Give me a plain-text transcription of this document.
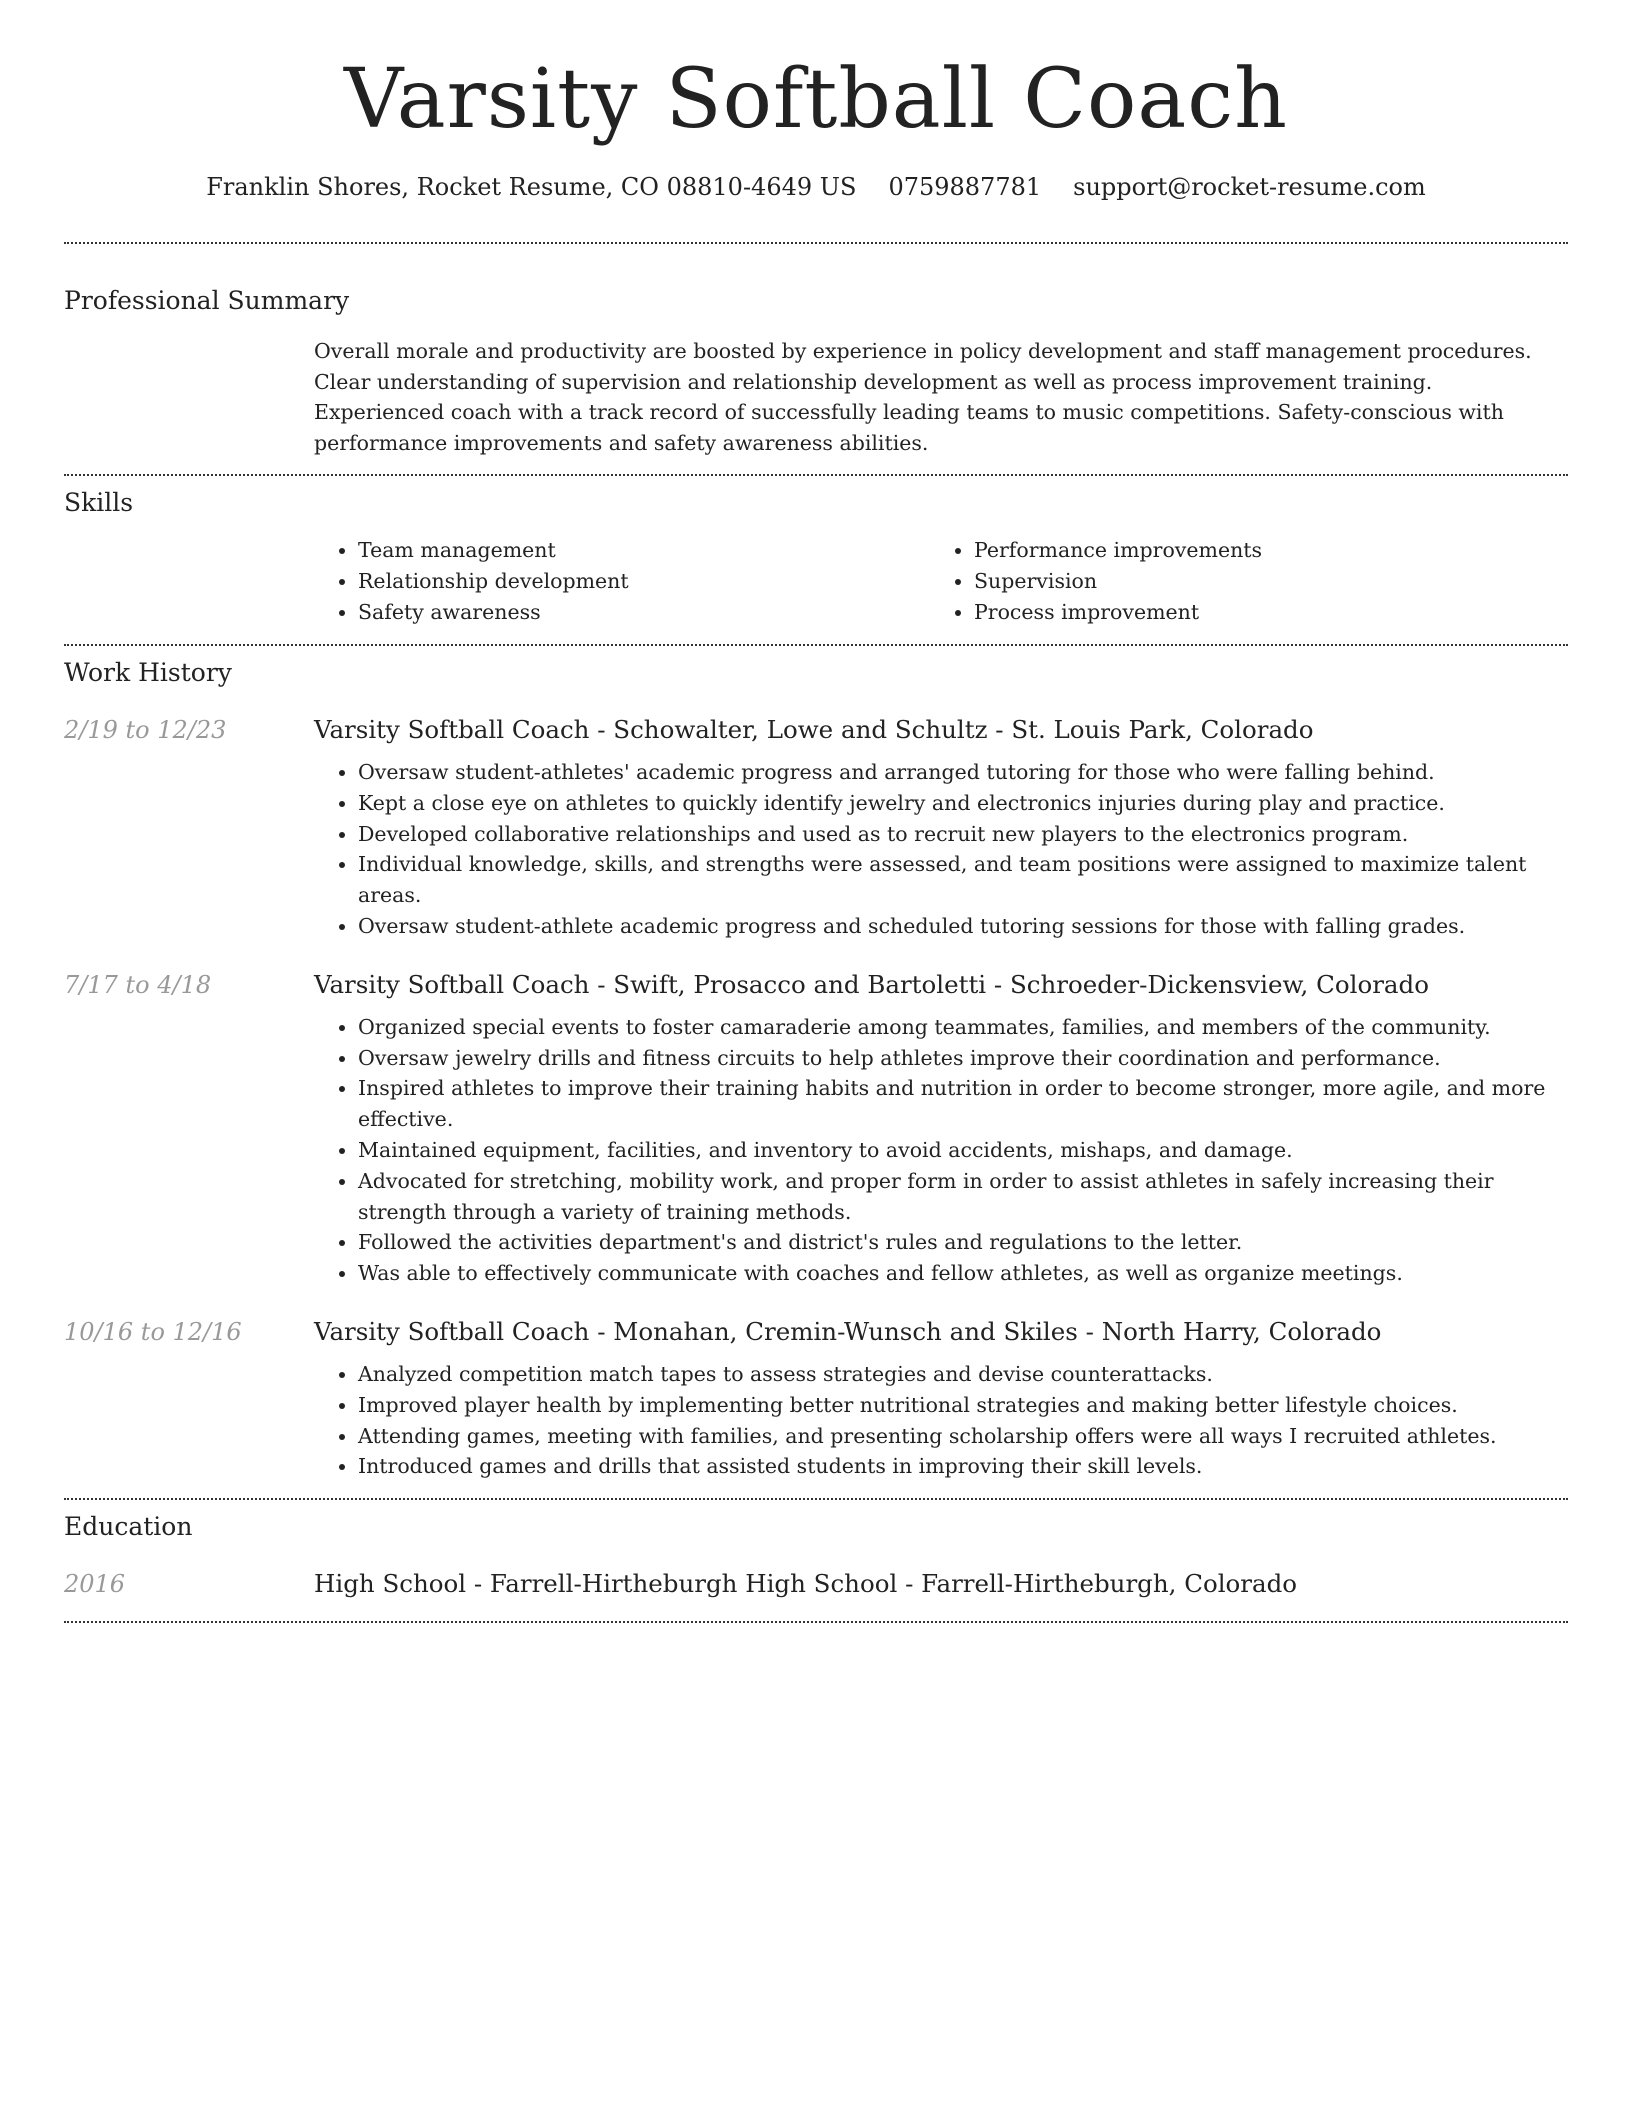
Varsity Softball Coach
Franklin Shores, Rocket Resume, CO 08810-4649 US 0759887781 support@rocket-resume.com
Professional Summary

Overall morale and productivity are boosted by experience in policy development and staff management procedures. Clear understanding of supervision and relationship development as well as process improvement training. Experienced coach with a track record of successfully leading teams to music competitions. Safety-conscious with performance improvements and safety awareness abilities.

Skills
• Team management
• Relationship development
• Safety awareness
• Performance improvements
• Supervision
• Process improvement
Work History
2/19 to 12/23	Varsity Softball Coach - Schowalter, Lowe and Schultz - St. Louis Park, Colorado
• Oversaw student-athletes' academic progress and arranged tutoring for those who were falling behind.
• Kept a close eye on athletes to quickly identify jewelry and electronics injuries during play and practice.
• Developed collaborative relationships and used as to recruit new players to the electronics program.
• Individual knowledge, skills, and strengths were assessed, and team positions were assigned to maximize talent areas.
• Oversaw student-athlete academic progress and scheduled tutoring sessions for those with falling grades.
7/17 to 4/18	Varsity Softball Coach - Swift, Prosacco and Bartoletti - Schroeder-Dickensview, Colorado
• Organized special events to foster camaraderie among teammates, families, and members of the community.
• Oversaw jewelry drills and fitness circuits to help athletes improve their coordination and performance.
• Inspired athletes to improve their training habits and nutrition in order to become stronger, more agile, and more effective.
• Maintained equipment, facilities, and inventory to avoid accidents, mishaps, and damage.
• Advocated for stretching, mobility work, and proper form in order to assist athletes in safely increasing their strength through a variety of training methods.
• Followed the activities department's and district's rules and regulations to the letter.
• Was able to effectively communicate with coaches and fellow athletes, as well as organize meetings.
10/16 to 12/16	Varsity Softball Coach - Monahan, Cremin-Wunsch and Skiles - North Harry, Colorado
• Analyzed competition match tapes to assess strategies and devise counterattacks.
• Improved player health by implementing better nutritional strategies and making better lifestyle choices.
• Attending games, meeting with families, and presenting scholarship offers were all ways I recruited athletes.
• Introduced games and drills that assisted students in improving their skill levels.
Education
2016	High School - Farrell-Hirtheburgh High School - Farrell-Hirtheburgh, Colorado
